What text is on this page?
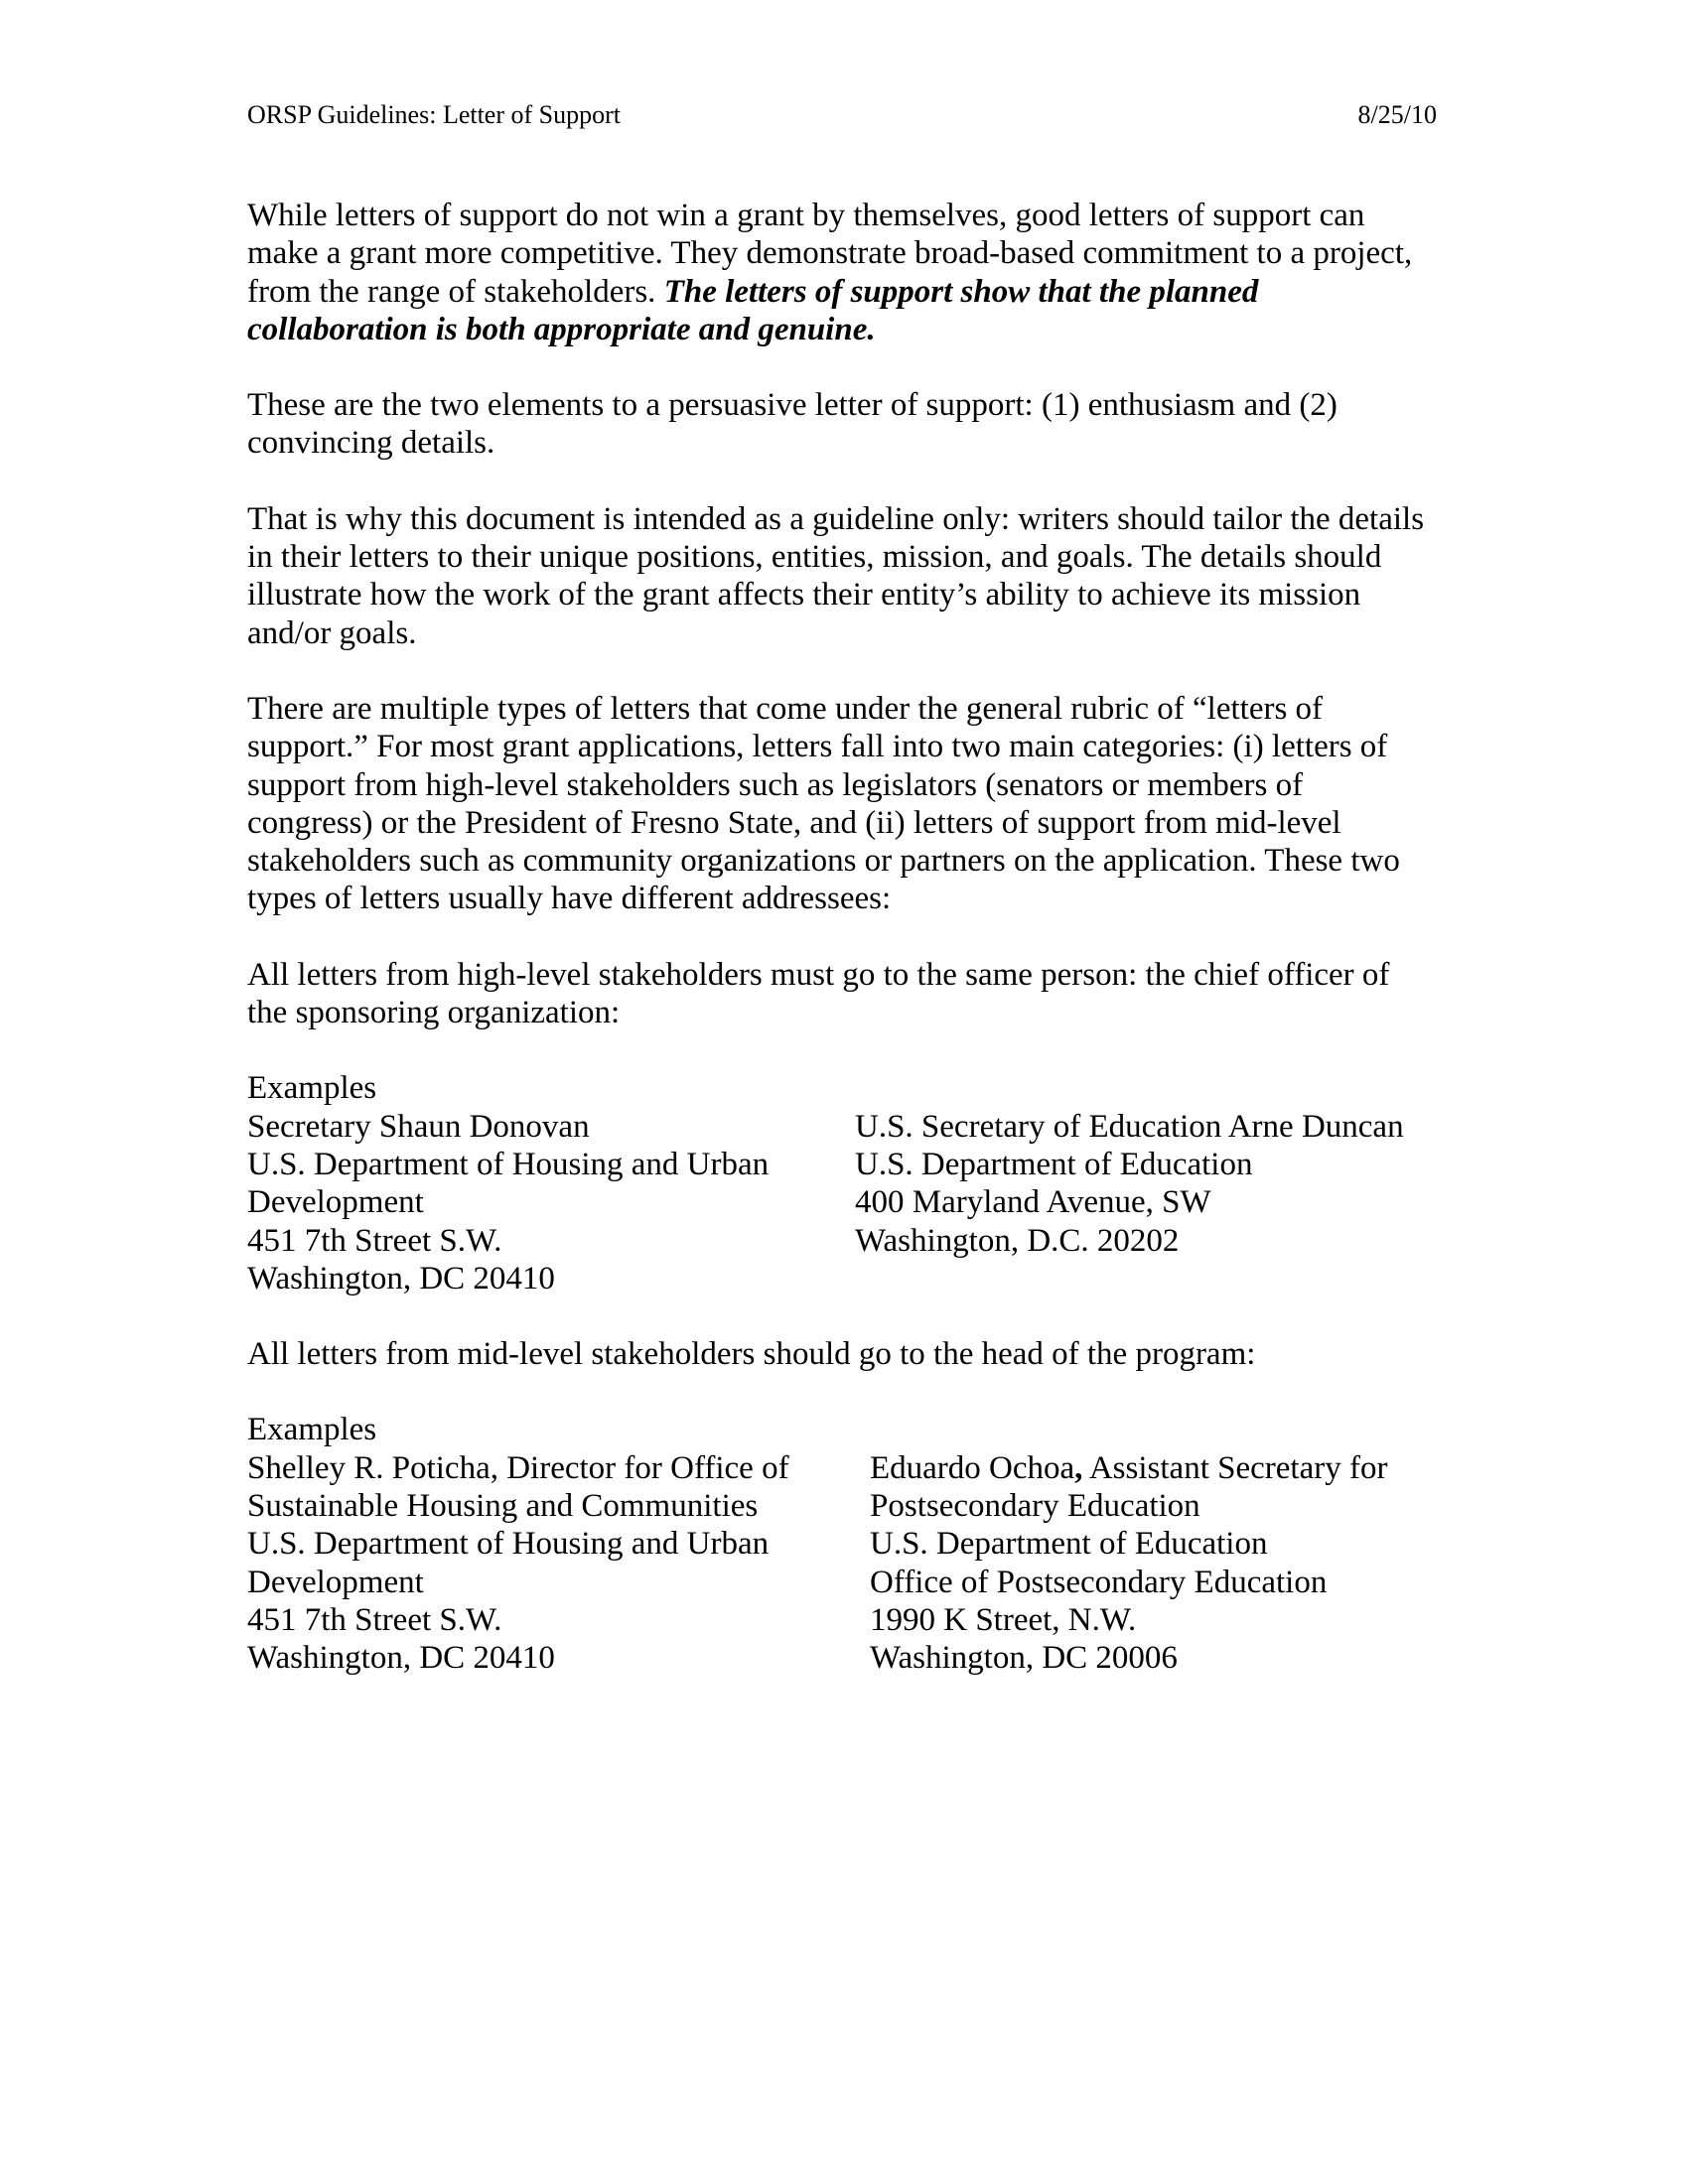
ORSP Guidelines: Letter of Support	8/25/10

While letters of support do not win a grant by themselves, good letters of support can
make a grant more competitive. They demonstrate broad-based commitment to a project,
from the range of stakeholders. The letters of support show that the planned
collaboration is both appropriate and genuine.

These are the two elements to a persuasive letter of support: (1) enthusiasm and (2)
convincing details.

That is why this document is intended as a guideline only: writers should tailor the details
in their letters to their unique positions, entities, mission, and goals. The details should
illustrate how the work of the grant affects their entity’s ability to achieve its mission
and/or goals.

There are multiple types of letters that come under the general rubric of “letters of
support.” For most grant applications, letters fall into two main categories: (i) letters of
support from high-level stakeholders such as legislators (senators or members of
congress) or the President of Fresno State, and (ii) letters of support from mid-level
stakeholders such as community organizations or partners on the application. These two
types of letters usually have different addressees:

All letters from high-level stakeholders must go to the same person: the chief officer of
the sponsoring organization:

Examples
Secretary Shaun Donovan
U.S. Department of Housing and Urban
Development
451 7th Street S.W.
Washington, DC 20410
U.S. Secretary of Education Arne Duncan
U.S. Department of Education
400 Maryland Avenue, SW
Washington, D.C. 20202

All letters from mid-level stakeholders should go to the head of the program:

Examples
Shelley R. Poticha, Director for Office of
Sustainable Housing and Communities
U.S. Department of Housing and Urban
Development
451 7th Street S.W.
Washington, DC 20410
Eduardo Ochoa, Assistant Secretary for
Postsecondary Education
U.S. Department of Education
Office of Postsecondary Education
1990 K Street, N.W.
Washington, DC 20006
